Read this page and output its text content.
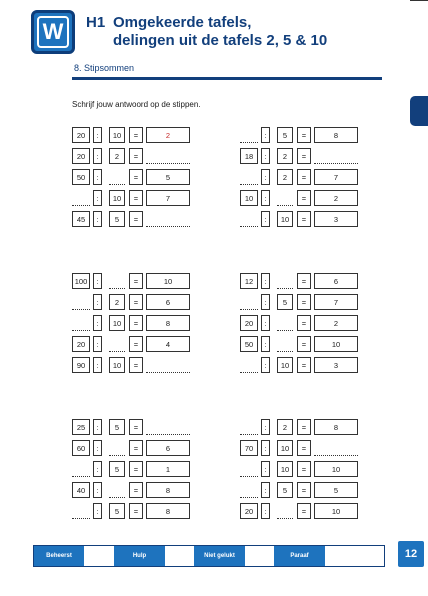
W	H1 Omgekeerde tafels,
delingen uit de tafels 2, 5 & 10
8. Stipsommen
Schrijf jouw antwoord op de stippen.
20	:	10	=	2
20	:	2	=
50	:	=	5
:	10	=	7
45	:	5	=
:	5	=	8
18	:	2	=
:	2	=	7
10	:	=	2
:	10	=	3
100	:	=	10
:	2	=	6
:	10	=	8
20	:	=	4
90	:	10	=
12	:	=	6
:	5	=	7
20	:	=	2
50	:	=	10
:	10	=	3
25	:	5	=
60	:	=	6
:	5	=	1
40	:	=	8
:	5	=	8
:	2	=	8
70	:	10	=
:	10	=	10
:	5	=	5
20	:	=	10
Beheerst	Hulp	Niet gelukt	Paraaf	12
